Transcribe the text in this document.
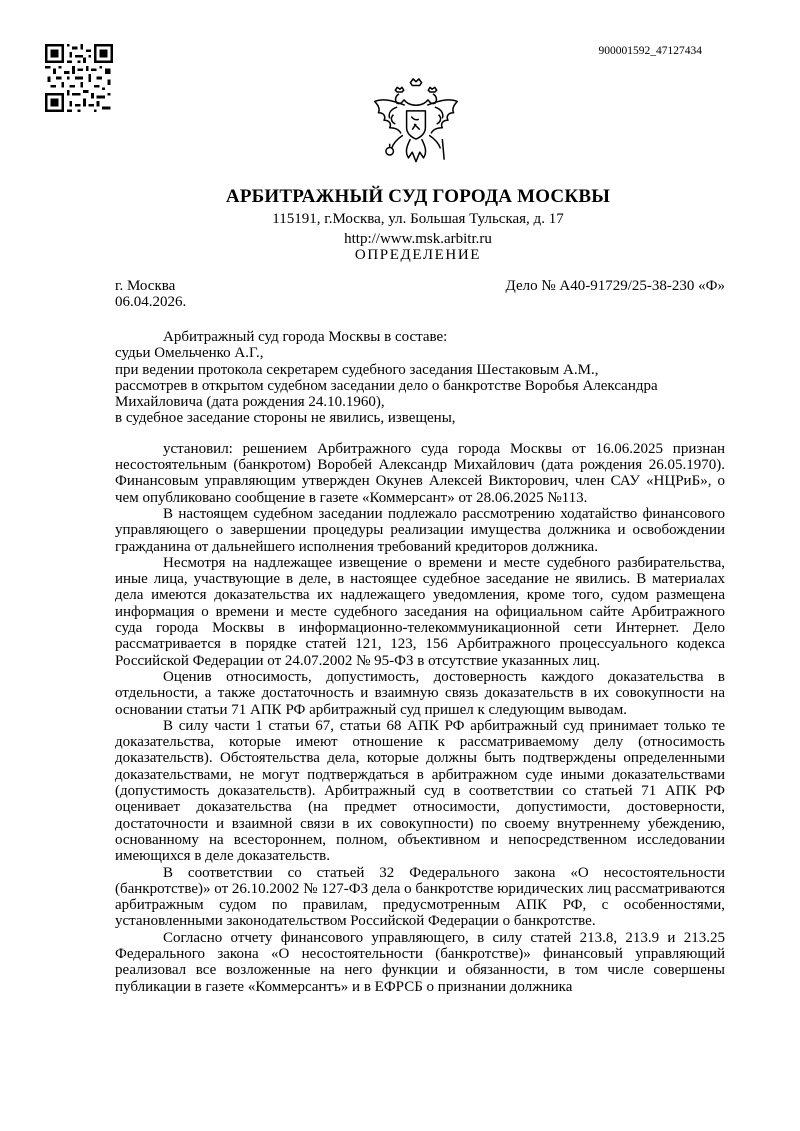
900001592_47127434
АРБИТРАЖНЫЙ СУД ГОРОДА МОСКВЫ
115191, г.Москва, ул. Большая Тульская, д. 17
http://www.msk.arbitr.ru
ОПРЕДЕЛЕНИЕ
г. Москва
06.04.2026.
Дело № А40-91729/25-38-230 «Ф»

Арбитражный суд города Москвы в составе:

судьи Омельченко А.Г.,

при ведении протокола секретарем судебного заседания Шестаковым А.М.,

рассмотрев в открытом судебном заседании дело о банкротстве Воробья Александра Михайловича (дата рождения 24.10.1960),

в судебное заседание стороны не явились, извещены,

установил: решением Арбитражного суда города Москвы от 16.06.2025 признан несостоятельным (банкротом) Воробей Александр Михайлович (дата рождения 26.05.1970). Финансовым управляющим утвержден Окунев Алексей Викторович, член САУ «НЦРиБ», о чем опубликовано сообщение в газете «Коммерсант» от 28.06.2025 №113.

В настоящем судебном заседании подлежало рассмотрению ходатайство финансового управляющего о завершении процедуры реализации имущества должника и освобождении гражданина от дальнейшего исполнения требований кредиторов должника.

Несмотря на надлежащее извещение о времени и месте судебного разбирательства, иные лица, участвующие в деле, в настоящее судебное заседание не явились. В материалах дела имеются доказательства их надлежащего уведомления, кроме того, судом размещена информация о времени и месте судебного заседания на официальном сайте Арбитражного суда города Москвы в информационно-телекоммуникационной сети Интернет. Дело рассматривается в порядке статей 121, 123, 156 Арбитражного процессуального кодекса Российской Федерации от 24.07.2002 № 95-ФЗ в отсутствие указанных лиц.

Оценив относимость, допустимость, достоверность каждого доказательства в отдельности, а также достаточность и взаимную связь доказательств в их совокупности на основании статьи 71 АПК РФ арбитражный суд пришел к следующим выводам.

В силу части 1 статьи 67, статьи 68 АПК РФ арбитражный суд принимает только те доказательства, которые имеют отношение к рассматриваемому делу (относимость доказательств). Обстоятельства дела, которые должны быть подтверждены определенными доказательствами, не могут подтверждаться в арбитражном суде иными доказательствами (допустимость доказательств). Арбитражный суд в соответствии со статьей 71 АПК РФ оценивает доказательства (на предмет относимости, допустимости, достоверности, достаточности и взаимной связи в их совокупности) по своему внутреннему убеждению, основанному на всестороннем, полном, объективном и непосредственном исследовании имеющихся в деле доказательств.

В соответствии со статьей 32 Федерального закона «О несостоятельности (банкротстве)» от 26.10.2002 № 127-ФЗ дела о банкротстве юридических лиц рассматриваются арбитражным судом по правилам, предусмотренным АПК РФ, с особенностями, установленными законодательством Российской Федерации о банкротстве.

Согласно отчету финансового управляющего, в силу статей 213.8, 213.9 и 213.25 Федерального закона «О несостоятельности (банкротстве)» финансовый управляющий реализовал все возложенные на него функции и обязанности, в том числе совершены публикации в газете «Коммерсантъ» и в ЕФРСБ о признании должника
